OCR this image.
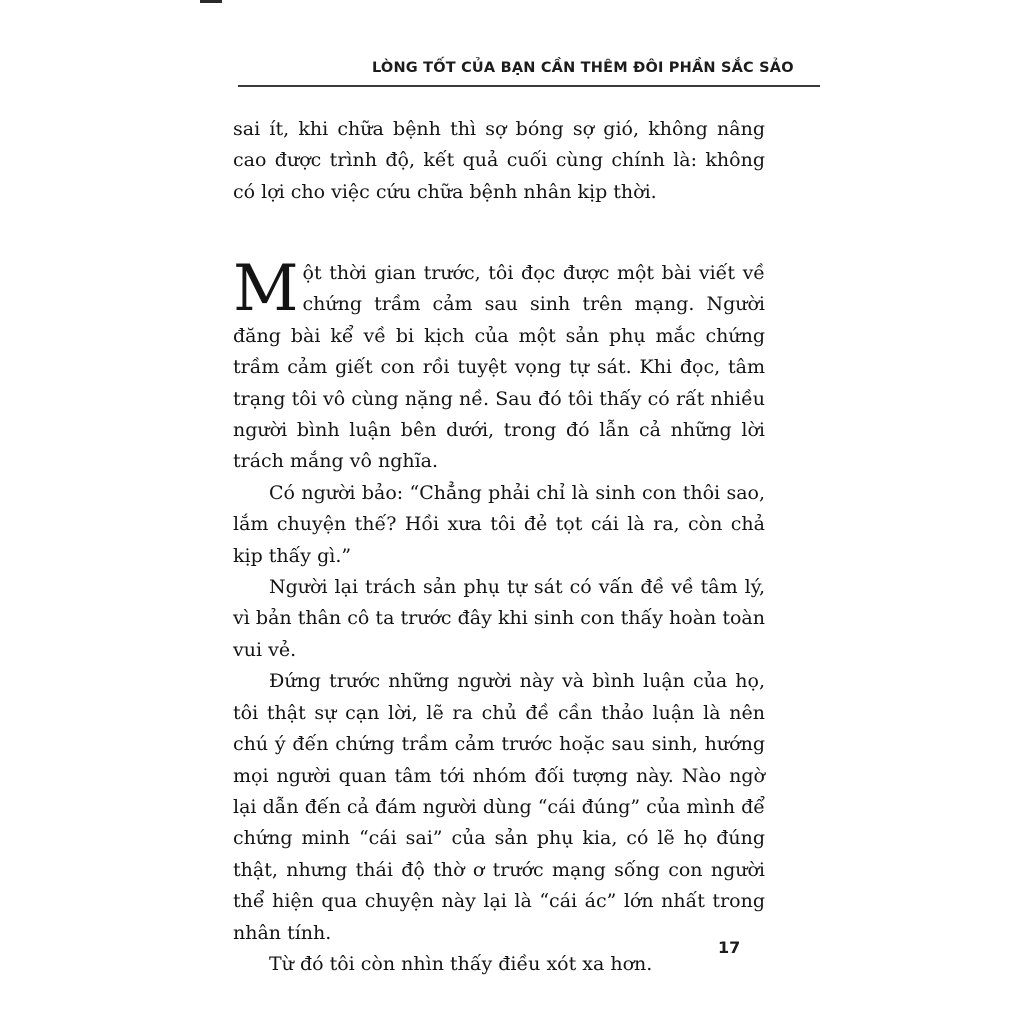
LÒNG TỐT CỦA BẠN CẦN THÊM ĐÔI PHẦN SẮC SẢO

sai ít, khi chữa bệnh thì sợ bóng sợ gió, không nâng cao được trình độ, kết quả cuối cùng chính là: không có lợi cho việc cứu chữa bệnh nhân kịp thời.

Một thời gian trước, tôi đọc được một bài viết về chứng trầm cảm sau sinh trên mạng. Người đăng bài kể về bi kịch của một sản phụ mắc chứng trầm cảm giết con rồi tuyệt vọng tự sát. Khi đọc, tâm trạng tôi vô cùng nặng nề. Sau đó tôi thấy có rất nhiều người bình luận bên dưới, trong đó lẫn cả những lời trách mắng vô nghĩa.

Có người bảo: “Chẳng phải chỉ là sinh con thôi sao, lắm chuyện thế? Hồi xưa tôi đẻ tọt cái là ra, còn chả kịp thấy gì.”

Người lại trách sản phụ tự sát có vấn đề về tâm lý, vì bản thân cô ta trước đây khi sinh con thấy hoàn toàn vui vẻ.

Đứng trước những người này và bình luận của họ, tôi thật sự cạn lời, lẽ ra chủ đề cần thảo luận là nên chú ý đến chứng trầm cảm trước hoặc sau sinh, hướng mọi người quan tâm tới nhóm đối tượng này. Nào ngờ lại dẫn đến cả đám người dùng “cái đúng” của mình để chứng minh “cái sai” của sản phụ kia, có lẽ họ đúng thật, nhưng thái độ thờ ơ trước mạng sống con người thể hiện qua chuyện này lại là “cái ác” lớn nhất trong nhân tính.

Từ đó tôi còn nhìn thấy điều xót xa hơn.

17
